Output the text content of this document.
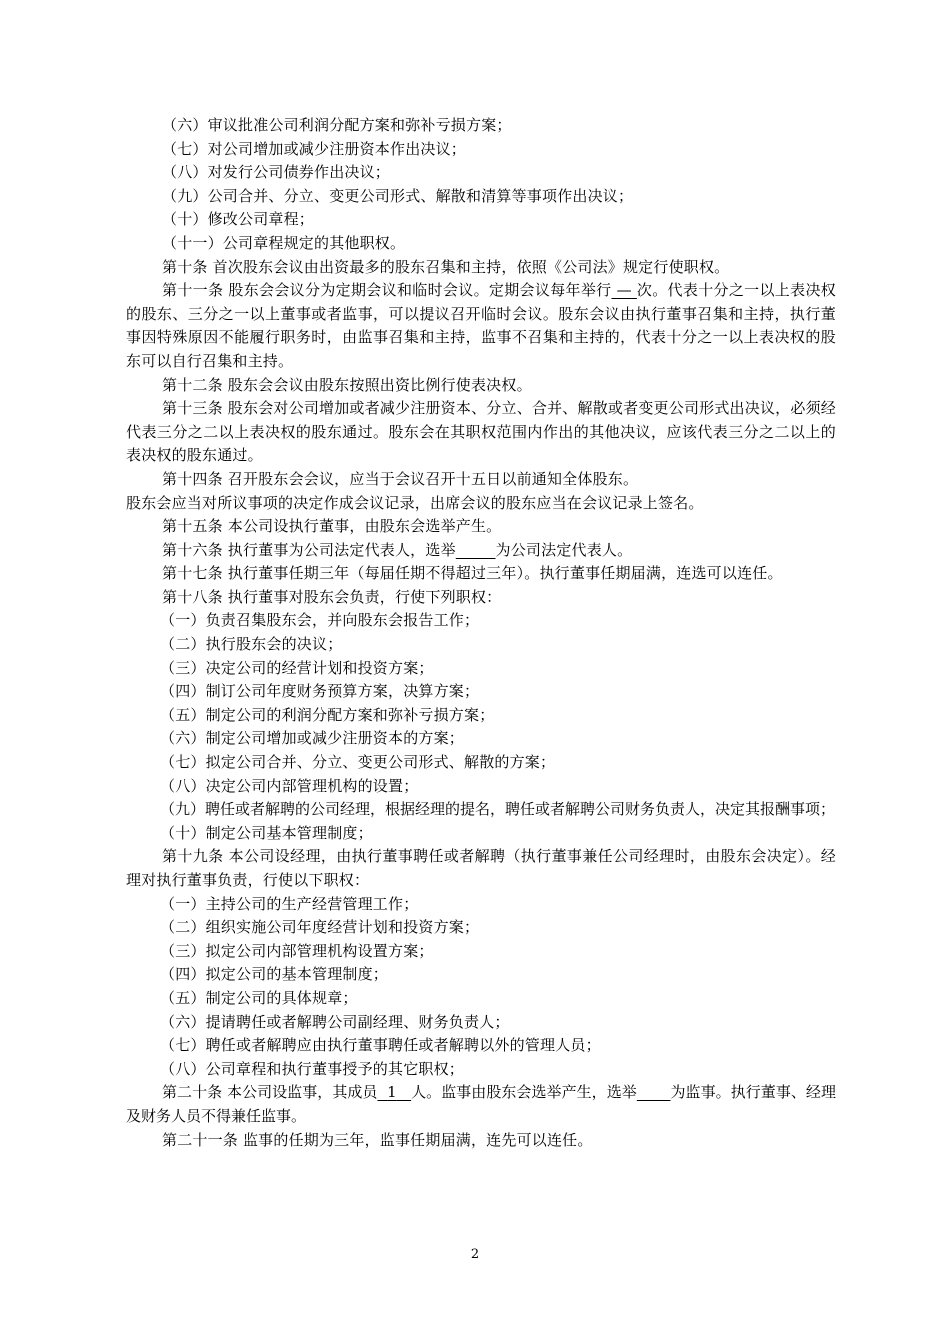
（六）审议批准公司利润分配方案和弥补亏损方案；
（七）对公司增加或减少注册资本作出决议；
（八）对发行公司债券作出决议；
（九）公司合并、分立、变更公司形式、解散和清算等事项作出决议；
（十）修改公司章程；
（十一）公司章程规定的其他职权。
第十条 首次股东会议由出资最多的股东召集和主持，依照《公司法》规定行使职权。
第十一条 股东会会议分为定期会议和临时会议。定期会议每年举行 — 次。代表十分之一以上表决权的股东、三分之一以上董事或者监事，可以提议召开临时会议。股东会议由执行董事召集和主持，执行董事因特殊原因不能履行职务时，由监事召集和主持，监事不召集和主持的，代表十分之一以上表决权的股东可以自行召集和主持。
第十二条 股东会会议由股东按照出资比例行使表决权。
第十三条 股东会对公司增加或者减少注册资本、分立、合并、解散或者变更公司形式出决议，必须经代表三分之二以上表决权的股东通过。股东会在其职权范围内作出的其他决议，应该代表三分之二以上的表决权的股东通过。
第十四条 召开股东会会议，应当于会议召开十五日以前通知全体股东。
股东会应当对所议事项的决定作成会议记录，出席会议的股东应当在会议记录上签名。
第十五条 本公司设执行董事，由股东会选举产生。
第十六条 执行董事为公司法定代表人，选举	为公司法定代表人。
第十七条 执行董事任期三年（每届任期不得超过三年）。执行董事任期届满，连选可以连任。
第十八条 执行董事对股东会负责，行使下列职权：
（一）负责召集股东会，并向股东会报告工作；
（二）执行股东会的决议；
（三）决定公司的经营计划和投资方案；
（四）制订公司年度财务预算方案，决算方案；
（五）制定公司的利润分配方案和弥补亏损方案；
（六）制定公司增加或减少注册资本的方案；
（七）拟定公司合并、分立、变更公司形式、解散的方案；
（八）决定公司内部管理机构的设置；
（九）聘任或者解聘的公司经理，根据经理的提名，聘任或者解聘公司财务负责人，决定其报酬事项；
（十）制定公司基本管理制度；
第十九条 本公司设经理，由执行董事聘任或者解聘（执行董事兼任公司经理时，由股东会决定）。经理对执行董事负责，行使以下职权：
（一）主持公司的生产经营管理工作；
（二）组织实施公司年度经营计划和投资方案；
（三）拟定公司内部管理机构设置方案；
（四）拟定公司的基本管理制度；
（五）制定公司的具体规章；
（六）提请聘任或者解聘公司副经理、财务负责人；
（七）聘任或者解聘应由执行董事聘任或者解聘以外的管理人员；
（八）公司章程和执行董事授予的其它职权；
第二十条 本公司设监事，其成员 1 人。监事由股东会选举产生，选举 为监事。执行董事、经理及财务人员不得兼任监事。
第二十一条 监事的任期为三年，监事任期届满，连先可以连任。
2
